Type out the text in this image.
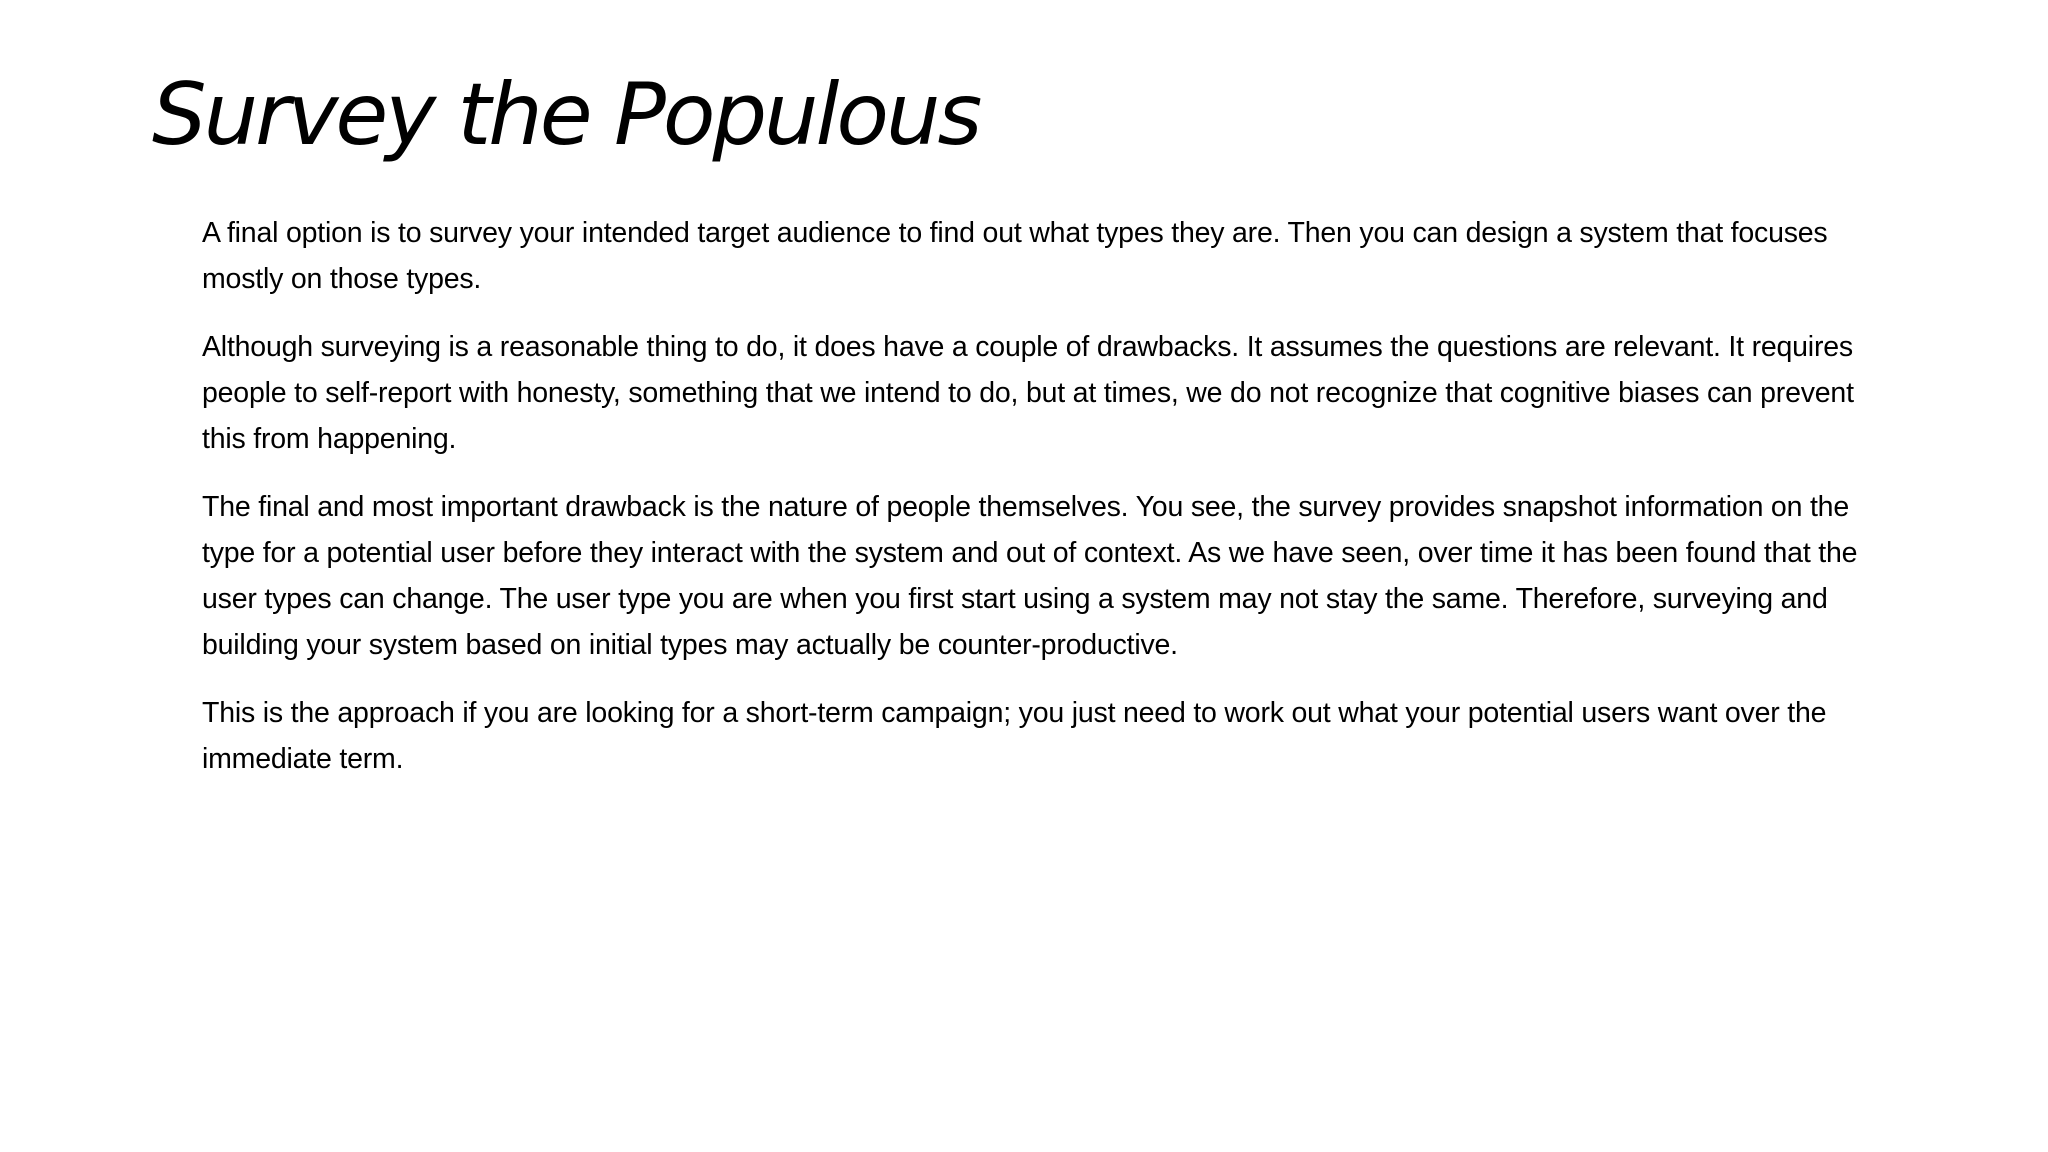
Survey the Populous

A final option is to survey your intended target audience to find out what types they are. Then you can design a system that focuses mostly on those types.

Although surveying is a reasonable thing to do, it does have a couple of drawbacks. It assumes the questions are relevant. It requires people to self-report with honesty, something that we intend to do, but at times, we do not recognize that cognitive biases can prevent this from happening.

The final and most important drawback is the nature of people themselves. You see, the survey provides snapshot information on the type for a potential user before they interact with the system and out of context. As we have seen, over time it has been found that the user types can change. The user type you are when you first start using a system may not stay the same. Therefore, surveying and building your system based on initial types may actually be counter-productive.

This is the approach if you are looking for a short-term campaign; you just need to work out what your potential users want over the immediate term.
